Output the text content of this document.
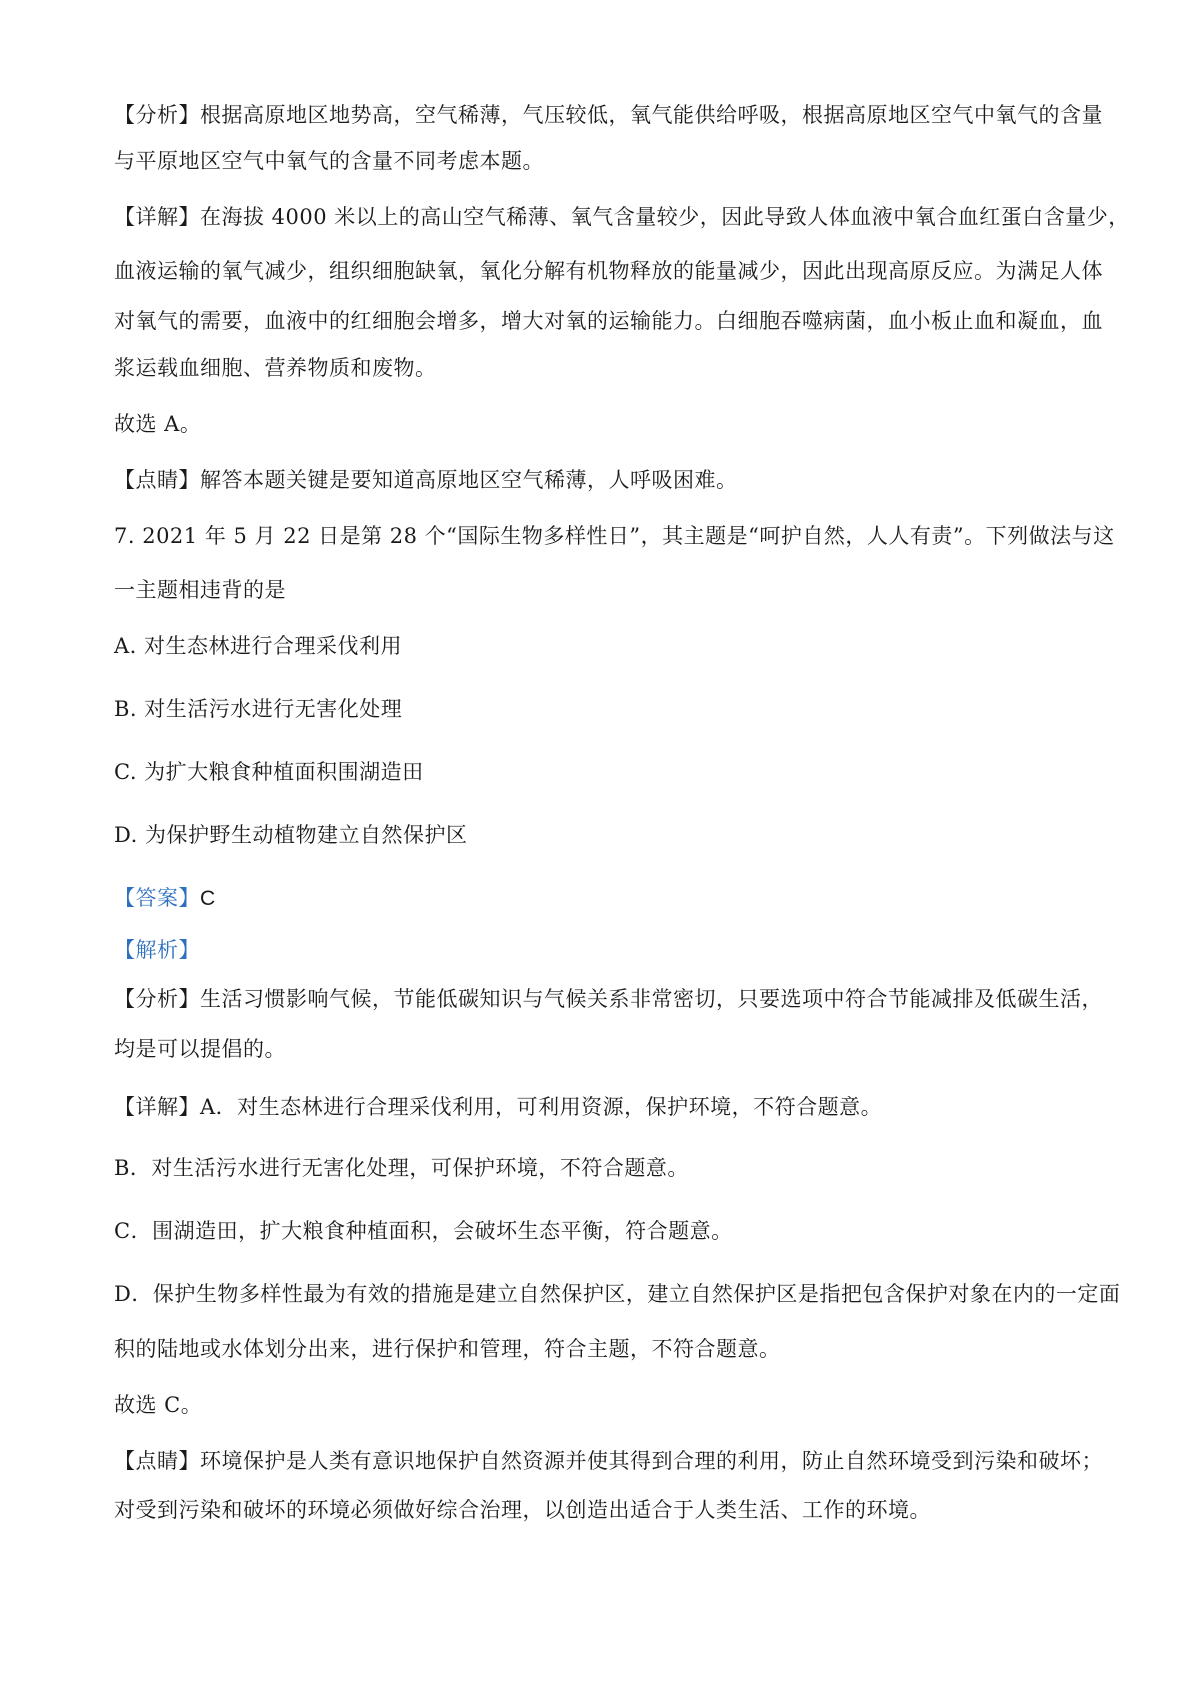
【分析】根据高原地区地势高，空气稀薄，气压较低，氧气能供给呼吸，根据高原地区空气中氧气的含量
与平原地区空气中氧气的含量不同考虑本题。
【详解】在海拔 4000 米以上的高山空气稀薄、氧气含量较少，因此导致人体血液中氧合血红蛋白含量少，
血液运输的氧气减少，组织细胞缺氧，氧化分解有机物释放的能量减少，因此出现高原反应。为满足人体
对氧气的需要，血液中的红细胞会增多，增大对氧的运输能力。白细胞吞噬病菌，血小板止血和凝血，血
浆运载血细胞、营养物质和废物。
故选 A。
【点睛】解答本题关键是要知道高原地区空气稀薄，人呼吸困难。
7. 2021 年 5 月 22 日是第 28 个“国际生物多样性日”，其主题是“呵护自然，人人有责”。下列做法与这
一主题相违背的是
A. 对生态林进行合理采伐利用
B. 对生活污水进行无害化处理
C. 为扩大粮食种植面积围湖造田
D. 为保护野生动植物建立自然保护区
【答案】C
【解析】
【分析】生活习惯影响气候，节能低碳知识与气候关系非常密切，只要选项中符合节能减排及低碳生活，
均是可以提倡的。
【详解】A．对生态林进行合理采伐利用，可利用资源，保护环境，不符合题意。
B．对生活污水进行无害化处理，可保护环境，不符合题意。
C．围湖造田，扩大粮食种植面积，会破坏生态平衡，符合题意。
D．保护生物多样性最为有效的措施是建立自然保护区，建立自然保护区是指把包含保护对象在内的一定面
积的陆地或水体划分出来，进行保护和管理，符合主题，不符合题意。
故选 C。
【点睛】环境保护是人类有意识地保护自然资源并使其得到合理的利用，防止自然环境受到污染和破坏；
对受到污染和破坏的环境必须做好综合治理，以创造出适合于人类生活、工作的环境。
